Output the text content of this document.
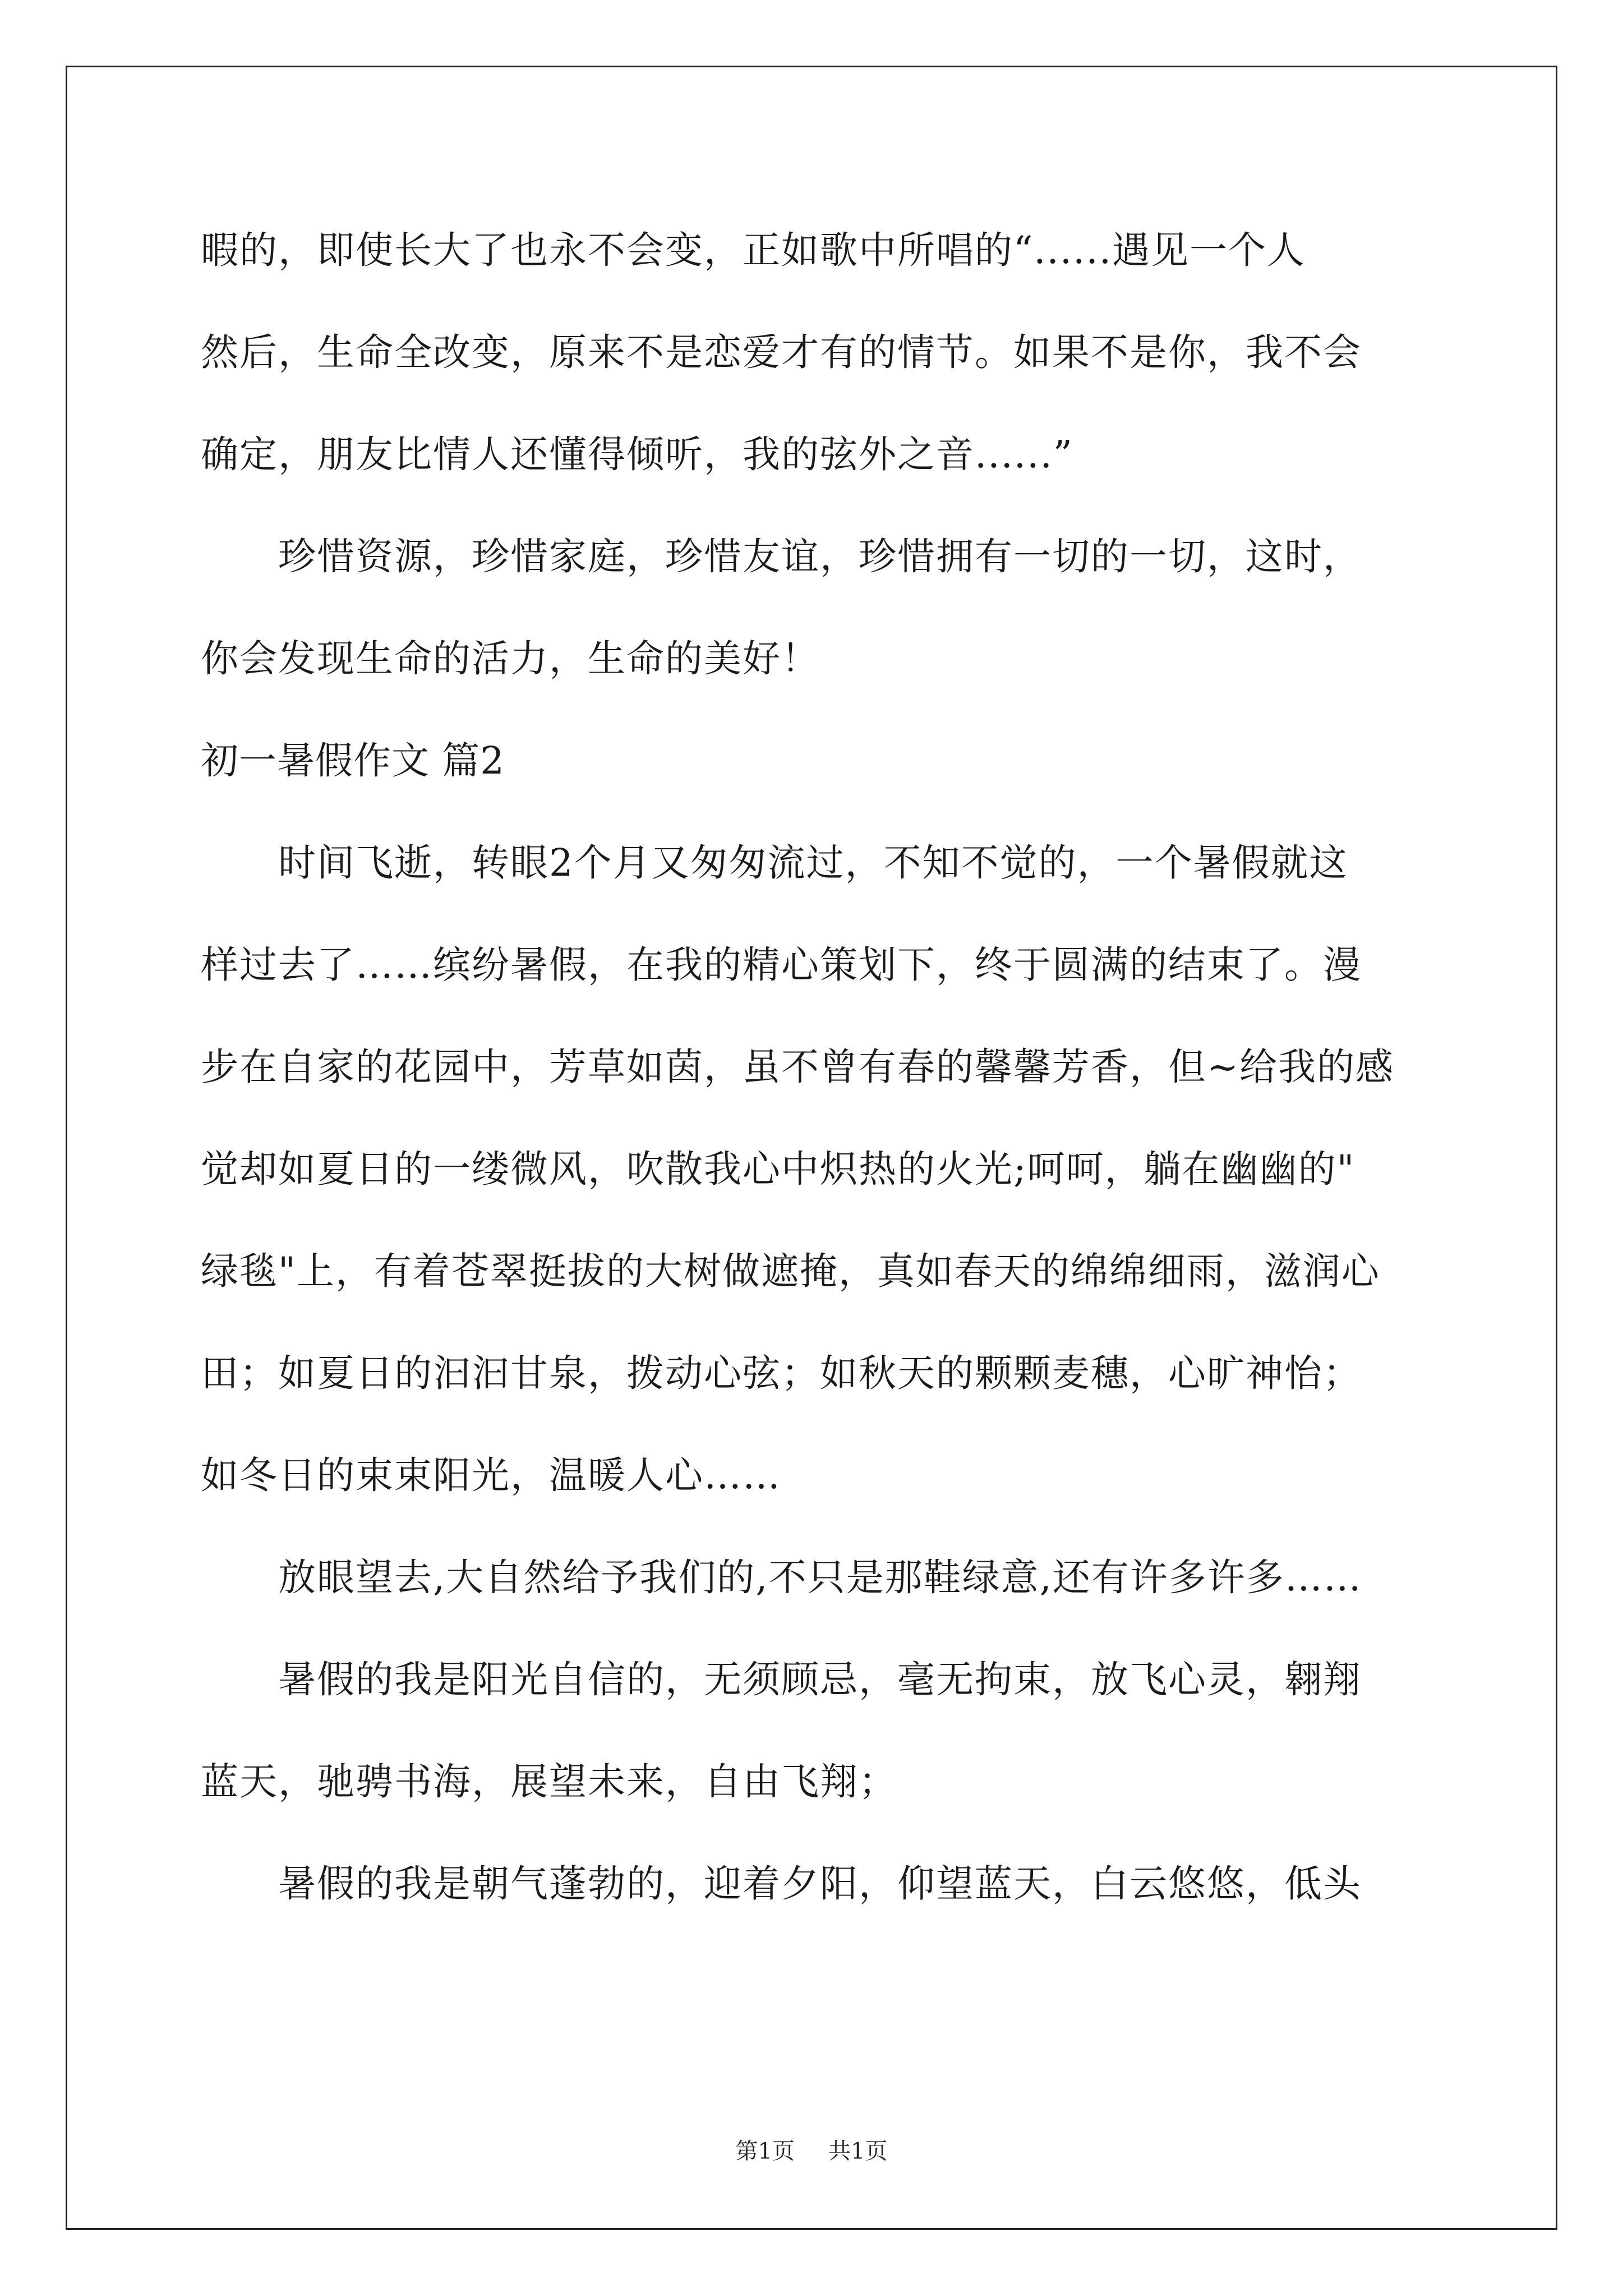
暇的，即使长大了也永不会变，正如歌中所唱的“......遇见一个人
然后，生命全改变，原来不是恋爱才有的情节。如果不是你，我不会
确定，朋友比情人还懂得倾听，我的弦外之音......”
　　珍惜资源，珍惜家庭，珍惜友谊，珍惜拥有一切的一切，这时，
你会发现生命的活力，生命的美好！
初一暑假作文 篇2
　　时间飞逝，转眼2个月又匆匆流过，不知不觉的，一个暑假就这
样过去了……缤纷暑假，在我的精心策划下，终于圆满的结束了。漫
步在自家的花园中，芳草如茵，虽不曾有春的馨馨芳香，但~给我的感
觉却如夏日的一缕微风，吹散我心中炽热的火光;呵呵，躺在幽幽的"
绿毯"上，有着苍翠挺拔的大树做遮掩，真如春天的绵绵细雨，滋润心
田；如夏日的汩汩甘泉，拨动心弦；如秋天的颗颗麦穗，心旷神怡；
如冬日的束束阳光，温暖人心……
　　放眼望去,大自然给予我们的,不只是那鞋绿意,还有许多许多……
　　暑假的我是阳光自信的，无须顾忌，毫无拘束，放飞心灵，翱翔
蓝天，驰骋书海，展望未来，自由飞翔；
　　暑假的我是朝气蓬勃的，迎着夕阳，仰望蓝天，白云悠悠，低头
第1页 共1页
